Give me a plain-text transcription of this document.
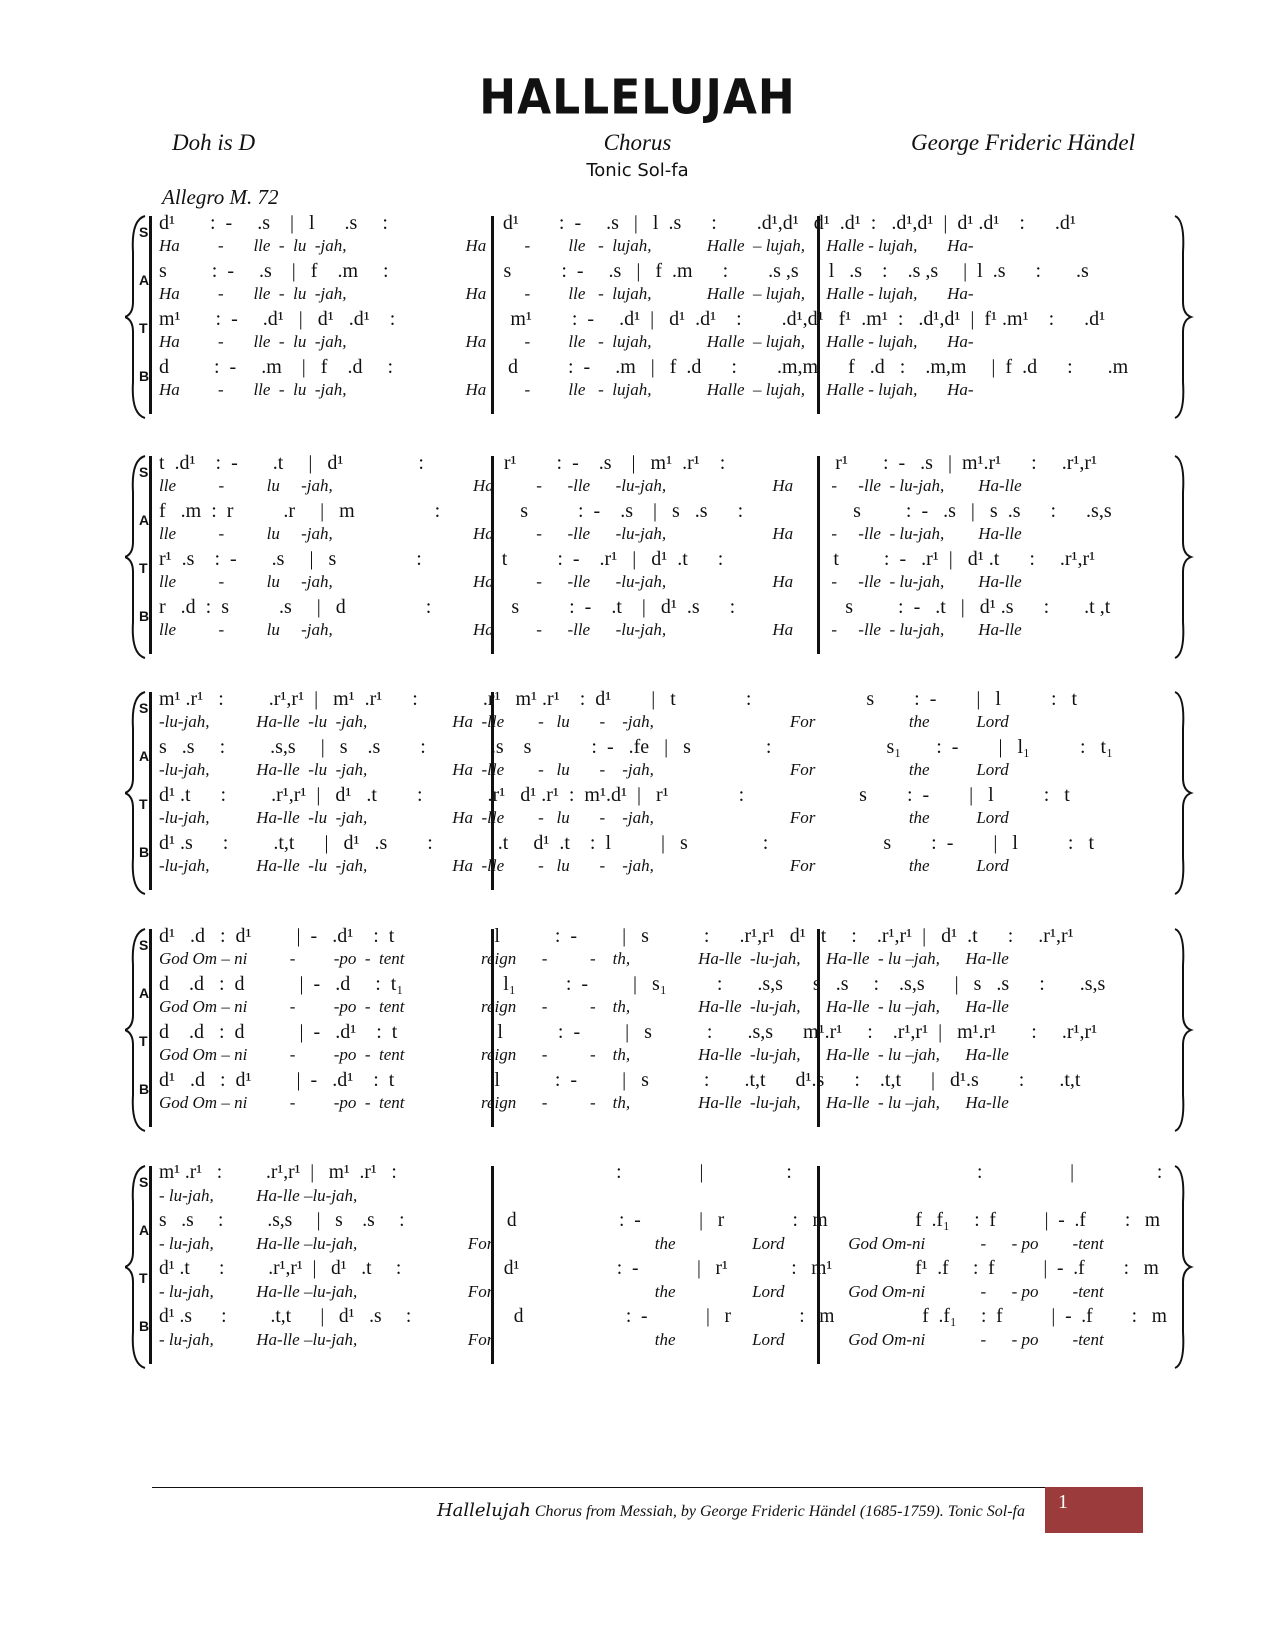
HALLELUJAH
Doh is D	Chorus	George Frideric Händel
Tonic Sol-fa
Allegro M. 72
S
A
T
B
d¹       :  -     .s    |   l      .s     :                       d¹        :  -     .s   |   l  .s      :        .d¹,d¹   d¹  .d¹  :   .d¹,d¹  |  d¹ .d¹    :      .d¹
Ha         -       lle  -  lu  -jah,                            Ha         -         lle   -  lujah,             Halle  – lujah,     Halle - lujah,       Ha-
s         :  -     .s    |   f    .m     :                       s          :  -     .s   |   f  .m      :        .s ,s      l   .s    :    .s ,s     |  l  .s      :       .s
Ha         -       lle  -  lu  -jah,                            Ha         -         lle   -  lujah,             Halle  – lujah,     Halle - lujah,       Ha-
m¹       :  -     .d¹   |   d¹   .d¹    :                       m¹        :  -     .d¹  |   d¹  .d¹    :        .d¹,d¹   f¹  .m¹  :   .d¹,d¹  |  f¹ .m¹    :      .d¹
Ha         -       lle  -  lu  -jah,                            Ha         -         lle   -  lujah,             Halle  – lujah,     Halle - lujah,       Ha-
d         :  -     .m    |   f    .d     :                       d          :  -     .m   |   f  .d      :        .m,m      f   .d   :    .m,m     |  f  .d      :       .m
Ha         -       lle  -  lu  -jah,                            Ha         -         lle   -  lujah,             Halle  – lujah,     Halle - lujah,       Ha-
S
A
T
B
t  .d¹    :  -       .t     |   d¹               :                r¹        :  -    .s    |   m¹  .r¹    :                      r¹       :  -   .s   |  m¹.r¹      :     .r¹,r¹
lle          -          lu     -jah,                                 Ha          -      -lle      -lu-jah,                         Ha         -     -lle  - lu-jah,        Ha-lle
f   .m  :  r          .r     |   m                :                s          :  -    .s    |   s   .s      :                      s         :  -   .s   |   s  .s      :      .s,s
lle          -          lu     -jah,                                 Ha          -      -lle      -lu-jah,                         Ha         -     -lle  - lu-jah,        Ha-lle
r¹  .s    :  -       .s     |   s                :                t          :  -    .r¹   |   d¹  .t      :                      t         :  -   .r¹  |   d¹ .t      :     .r¹,r¹
lle          -          lu     -jah,                                 Ha          -      -lle      -lu-jah,                         Ha         -     -lle  - lu-jah,        Ha-lle
r   .d  :  s          .s     |   d                :                s          :  -    .t    |   d¹  .s      :                      s         :  -   .t   |   d¹ .s      :       .t ,t
lle          -          lu     -jah,                                 Ha          -      -lle      -lu-jah,                         Ha         -     -lle  - lu-jah,        Ha-lle
S
A
T
B
m¹ .r¹   :         .r¹,r¹  |   m¹  .r¹      :             .r¹   m¹ .r¹    :  d¹        |   t              :                       s        :  -        |   l          :   t
-lu-jah,           Ha-lle  -lu  -jah,                    Ha  -lle        -   lu       -    -jah,                                For                      the           Lord
s   .s     :         .s,s     |   s    .s        :             .s    s            :  -   .fe   |   s               :                       s₁       :  -        |   l₁          :   t₁
-lu-jah,           Ha-lle  -lu  -jah,                    Ha  -lle        -   lu       -    -jah,                                For                      the           Lord
d¹ .t      :         .r¹,r¹  |   d¹   .t        :             .r¹   d¹ .r¹  :  m¹.d¹  |   r¹              :                       s        :  -        |   l          :   t
-lu-jah,           Ha-lle  -lu  -jah,                    Ha  -lle        -   lu       -    -jah,                                For                      the           Lord
d¹ .s      :         .t,t      |   d¹   .s        :             .t     d¹  .t    :  l          |   s               :                       s        :  -        |   l          :   t
-lu-jah,           Ha-lle  -lu  -jah,                    Ha  -lle        -   lu       -    -jah,                                For                      the           Lord
S
A
T
B
d¹   .d   :  d¹         |  -   .d¹    :  t                    l           :  -         |   s           :      .r¹,r¹   d¹  .t     :    .r¹,r¹  |   d¹  .t      :     .r¹,r¹
God Om – ni          -         -po  -  tent                  reign      -          -    th,                Ha-lle  -lu-jah,      Ha-lle  - lu –jah,      Ha-lle
d    .d   :  d           |  -   .d     :  t₁                    l₁          :  -         |   s₁          :       .s,s      s   .s     :    .s,s      |   s   .s      :       .s,s
God Om – ni          -         -po  -  tent                  reign      -          -    th,                Ha-lle  -lu-jah,      Ha-lle  - lu –jah,      Ha-lle
d    .d   :  d           |  -   .d¹    :  t                    l           :  -         |   s           :       .s,s      m¹.r¹     :    .r¹,r¹  |   m¹.r¹       :     .r¹,r¹
God Om – ni          -         -po  -  tent                  reign      -          -    th,                Ha-lle  -lu-jah,      Ha-lle  - lu –jah,      Ha-lle
d¹   .d   :  d¹         |  -   .d¹    :  t                    l           :  -         |   s           :       .t,t      d¹.s      :    .t,t      |   d¹.s        :       .t,t
God Om – ni          -         -po  -  tent                  reign      -          -    th,                Ha-lle  -lu-jah,      Ha-lle  - lu –jah,      Ha-lle
S
A
T
B
m¹ .r¹   :         .r¹,r¹  |   m¹  .r¹   :                                             :                |                 :                                      :                  |                 :
- lu-jah,          Ha-lle –lu-jah,
s   .s     :         .s,s     |   s    .s     :                     d                     :  -            |   r              :   m                  f  .f₁     :  f          |  -  .f        :   m
- lu-jah,          Ha-lle –lu-jah,                          For                                      the                  Lord               God Om-ni             -      - po        -tent
d¹ .t      :         .r¹,r¹  |   d¹   .t     :                     d¹                    :  -            |   r¹             :   m¹                 f¹  .f     :  f          |  -  .f        :   m
- lu-jah,          Ha-lle –lu-jah,                          For                                      the                  Lord               God Om-ni             -      - po        -tent
d¹ .s      :         .t,t      |   d¹   .s     :                     d                     :  -            |   r              :   m                  f  .f₁     :  f          |  -  .f        :   m
- lu-jah,          Ha-lle –lu-jah,                          For                                      the                  Lord               God Om-ni             -      - po        -tent
Hallelujah Chorus from Messiah, by George Frideric Händel (1685-1759). Tonic Sol-fa	1
